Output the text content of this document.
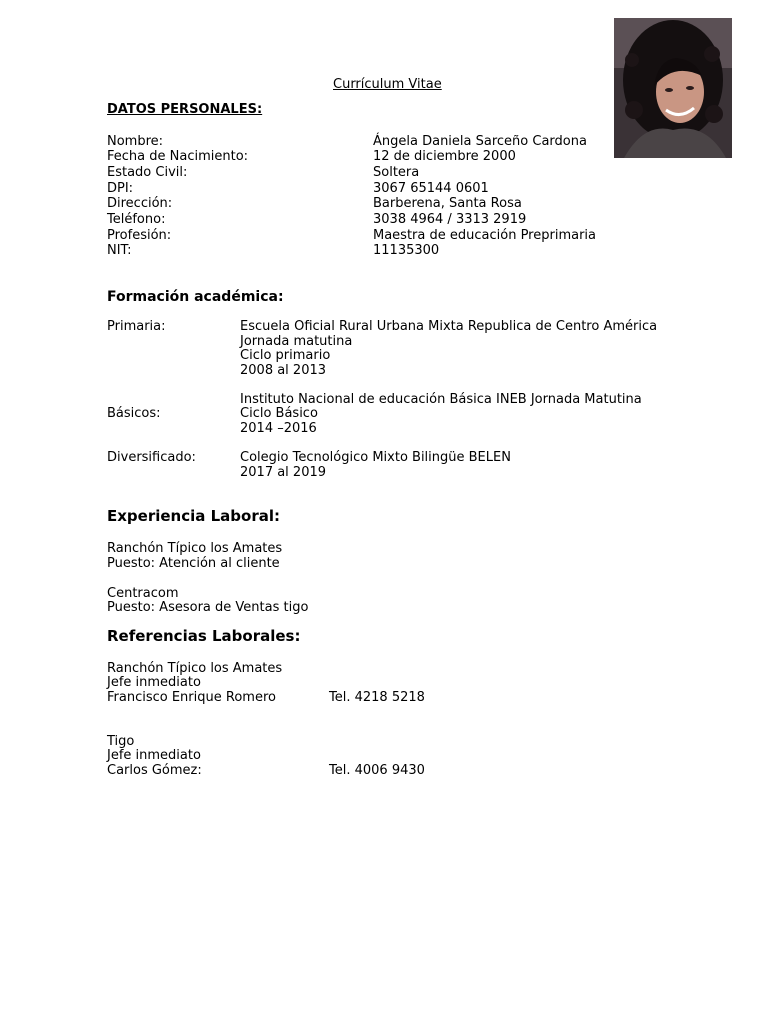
Currículum Vitae
DATOS PERSONALES:
Nombre:	Ángela Daniela Sarceño Cardona
Fecha de Nacimiento:	12 de diciembre 2000
Estado Civil:	Soltera
DPI:	3067 65144 0601
Dirección:	Barberena, Santa Rosa
Teléfono:	3038 4964 / 3313 2919
Profesión:	Maestra de educación Preprimaria
NIT:	11135300
Formación académica:
Primaria:	Escuela Oficial Rural Urbana Mixta Republica de Centro América
Jornada matutina
Ciclo primario
2008 al 2013
Instituto Nacional de educación Básica INEB Jornada Matutina
Básicos:	Ciclo Básico
2014 –2016
Diversificado:	Colegio Tecnológico Mixto Bilingüe BELEN
2017 al 2019
Experiencia Laboral:
Ranchón Típico los Amates
Puesto: Atención al cliente
Centracom
Puesto: Asesora de Ventas tigo
Referencias Laborales:
Ranchón Típico los Amates
Jefe inmediato
Francisco Enrique Romero	Tel. 4218 5218
Tigo
Jefe inmediato
Carlos Gómez:	Tel. 4006 9430
